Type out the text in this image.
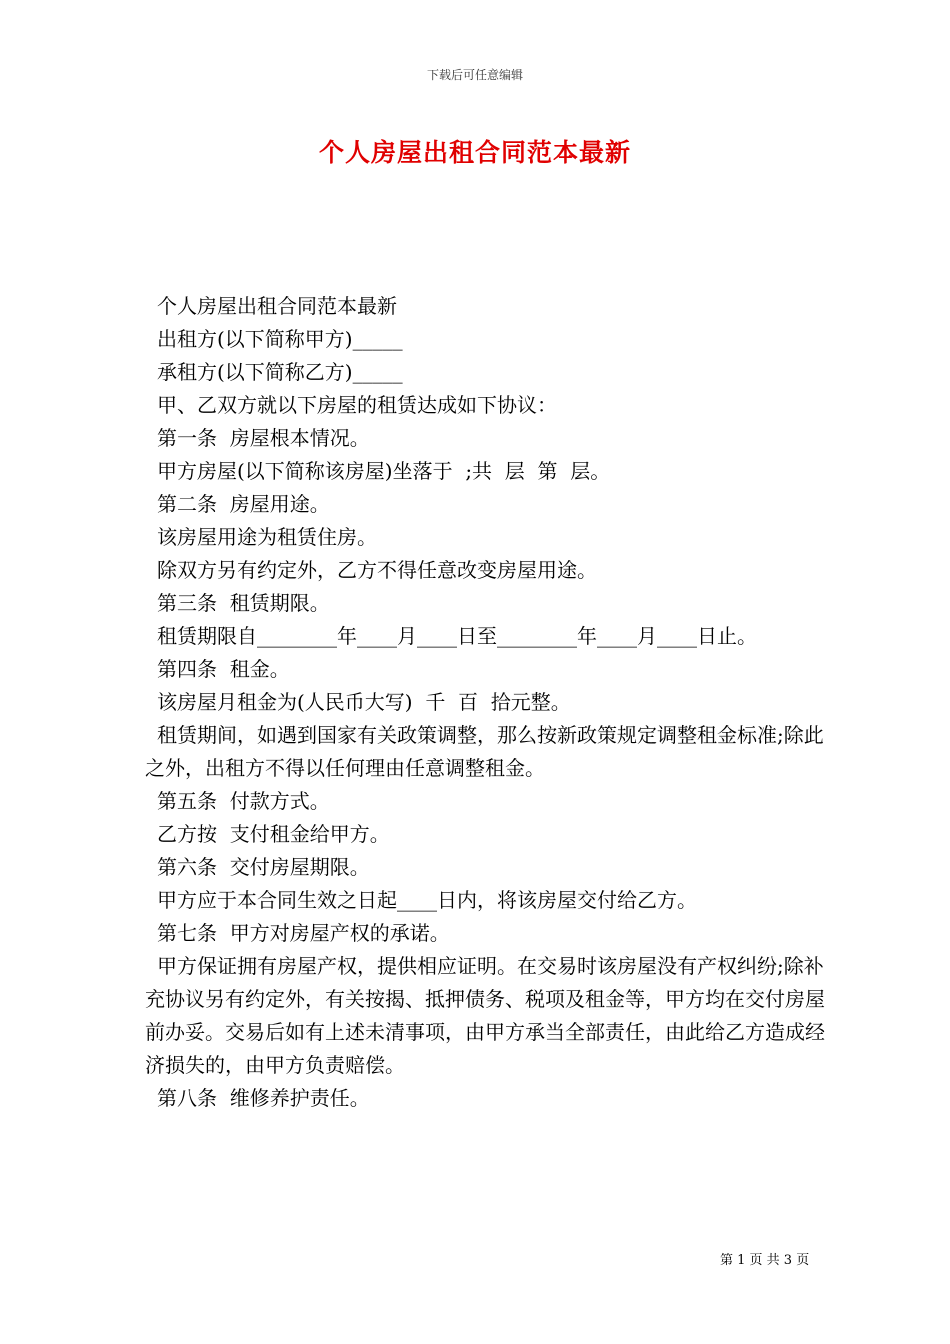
下载后可任意编辑
个人房屋出租合同范本最新

个人房屋出租合同范本最新

出租方(以下简称甲方)_____

承租方(以下简称乙方)_____

甲、乙双方就以下房屋的租赁达成如下协议：

第一条  房屋根本情况。

甲方房屋(以下简称该房屋)坐落于  ;共  层  第  层。

第二条  房屋用途。

该房屋用途为租赁住房。

除双方另有约定外，乙方不得任意改变房屋用途。

第三条  租赁期限。

租赁期限自________年____月____日至________年____月____日止。

第四条  租金。

该房屋月租金为(人民币大写)  千  百  拾元整。

租赁期间，如遇到国家有关政策调整，那么按新政策规定调整租金标准;除此之外，出租方不得以任何理由任意调整租金。

第五条  付款方式。

乙方按  支付租金给甲方。

第六条  交付房屋期限。

甲方应于本合同生效之日起____日内，将该房屋交付给乙方。

第七条  甲方对房屋产权的承诺。

甲方保证拥有房屋产权，提供相应证明。在交易时该房屋没有产权纠纷;除补充协议另有约定外，有关按揭、抵押债务、税项及租金等，甲方均在交付房屋前办妥。交易后如有上述未清事项，由甲方承当全部责任，由此给乙方造成经济损失的，由甲方负责赔偿。

第八条  维修养护责任。

第 1 页 共 3 页
